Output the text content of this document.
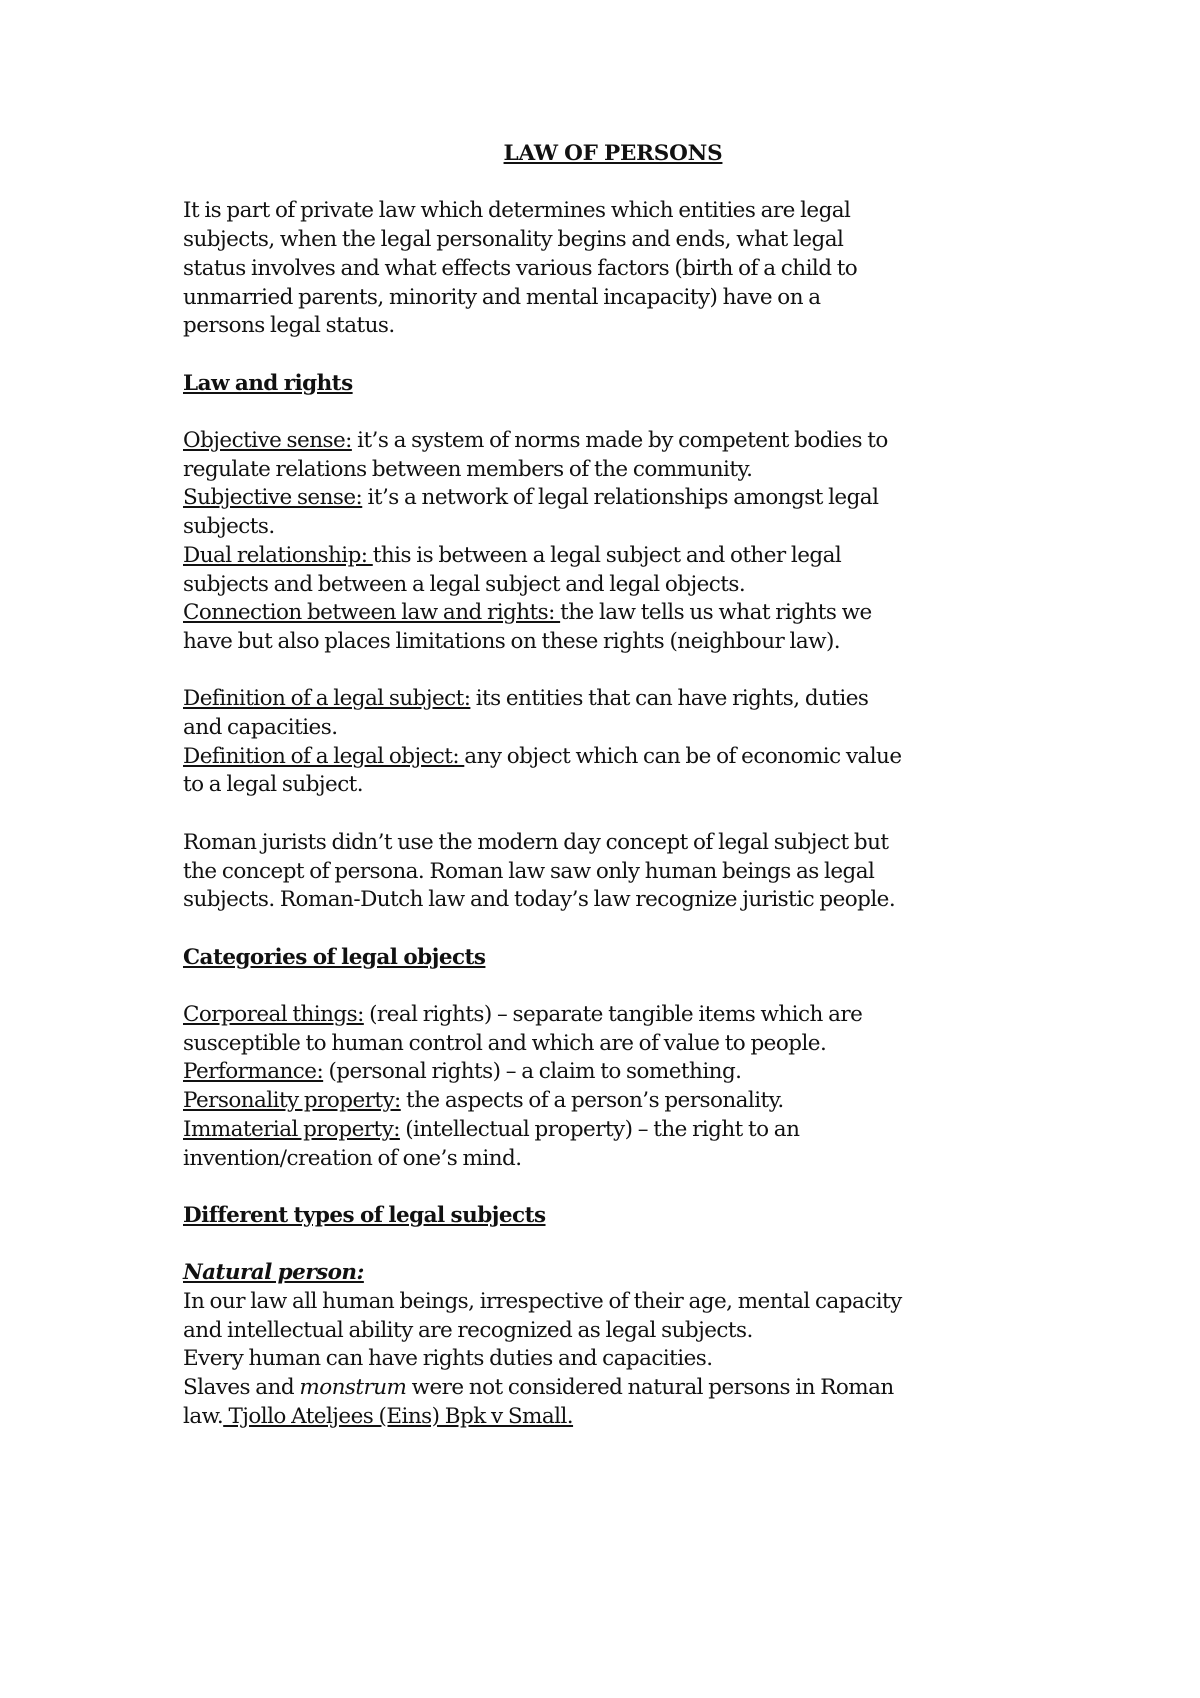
LAW OF PERSONS

It is part of private law which determines which entities are legal

subjects, when the legal personality begins and ends, what legal

status involves and what effects various factors (birth of a child to

unmarried parents, minority and mental incapacity) have on a

persons legal status.

Law and rights

Objective sense: it’s a system of norms made by competent bodies to

regulate relations between members of the community.

Subjective sense: it’s a network of legal relationships amongst legal

subjects.

Dual relationship: this is between a legal subject and other legal

subjects and between a legal subject and legal objects.

Connection between law and rights: the law tells us what rights we

have but also places limitations on these rights (neighbour law).

Definition of a legal subject: its entities that can have rights, duties

and capacities.

Definition of a legal object: any object which can be of economic value

to a legal subject.

Roman jurists didn’t use the modern day concept of legal subject but

the concept of persona. Roman law saw only human beings as legal

subjects. Roman-Dutch law and today’s law recognize juristic people.

Categories of legal objects

Corporeal things: (real rights) – separate tangible items which are

susceptible to human control and which are of value to people.

Performance: (personal rights) – a claim to something.

Personality property: the aspects of a person’s personality.

Immaterial property: (intellectual property) – the right to an

invention/creation of one’s mind.

Different types of legal subjects

Natural person:

In our law all human beings, irrespective of their age, mental capacity

and intellectual ability are recognized as legal subjects.

Every human can have rights duties and capacities.

Slaves and monstrum were not considered natural persons in Roman

law. Tjollo Ateljees (Eins) Bpk v Small.
